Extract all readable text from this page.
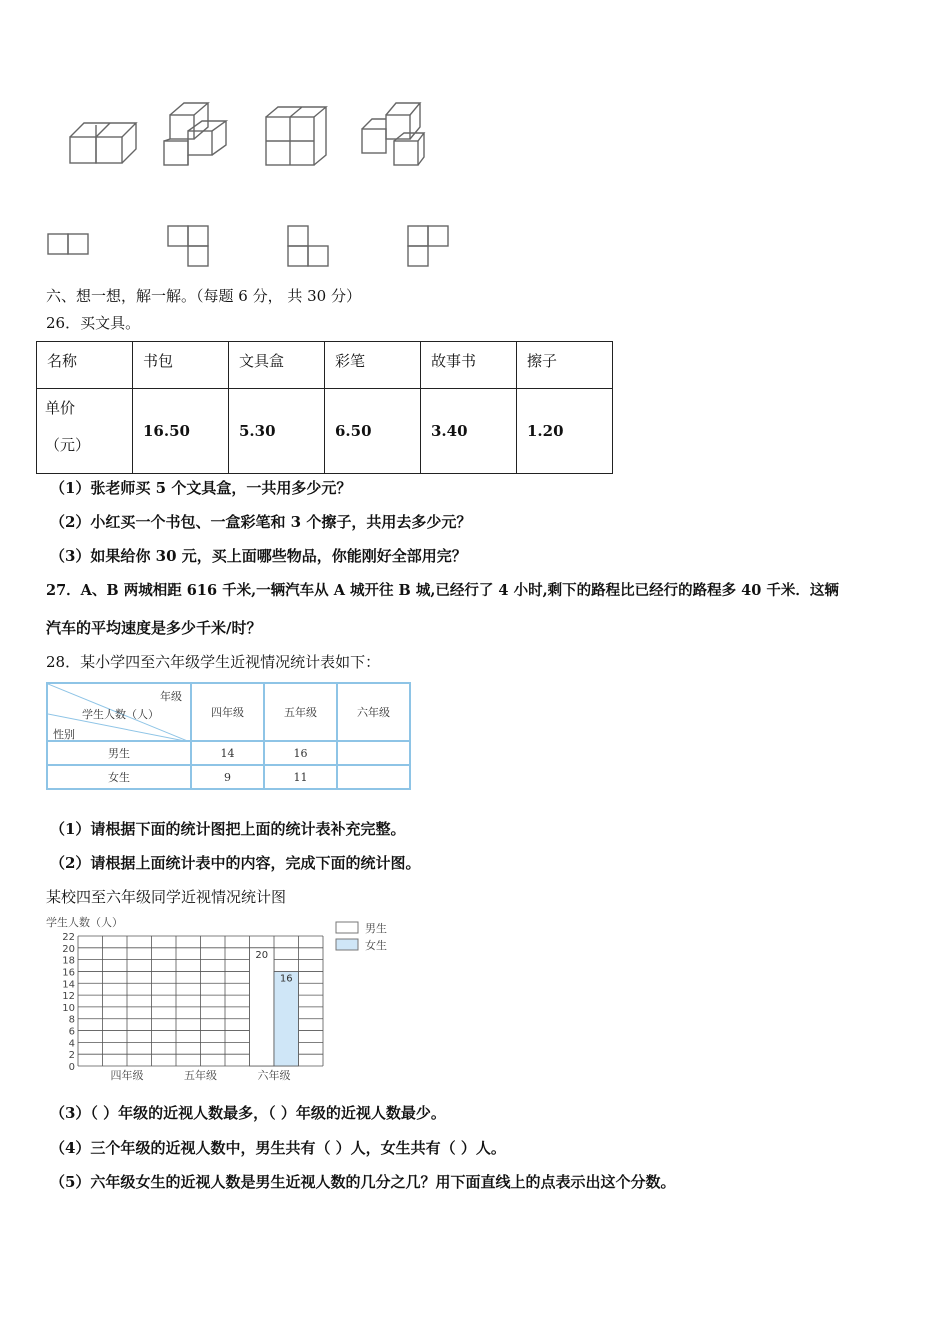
六、想一想，解一解。（每题 6 分， 共 30 分）
26．买文具。
名称	书包	文具盒	彩笔	故事书	擦子

单价
（元）	16.50	5.30	6.50	3.40	1.20
（1）张老师买 5 个文具盒，一共用多少元？
（2）小红买一个书包、一盒彩笔和 3 个擦子，共用去多少元？
（3）如果给你 30 元，买上面哪些物品，你能刚好全部用完？
27．A、B 两城相距 616 千米,一辆汽车从 A 城开往 B 城,已经行了 4 小时,剩下的路程比已经行的路程多 40 千米．这辆
汽车的平均速度是多少千米/时？
28．某小学四至六年级学生近视情况统计表如下：
年级
学生人数（人）
性别	四年级	五年级	六年级
男生	14	16	
女生	9	11	
（1）请根据下面的统计图把上面的统计表补充完整。
（2）请根据上面统计表中的内容，完成下面的统计图。
某校四至六年级同学近视情况统计图
学生人数（人）
0
2
4
6
8
10
12
14
16
18
20
22
四年级	五年级	六年级
20
16
男生
女生
（3）（ ）年级的近视人数最多，（ ）年级的近视人数最少。
（4）三个年级的近视人数中，男生共有（ ）人，女生共有（ ）人。
（5）六年级女生的近视人数是男生近视人数的几分之几？用下面直线上的点表示出这个分数。
